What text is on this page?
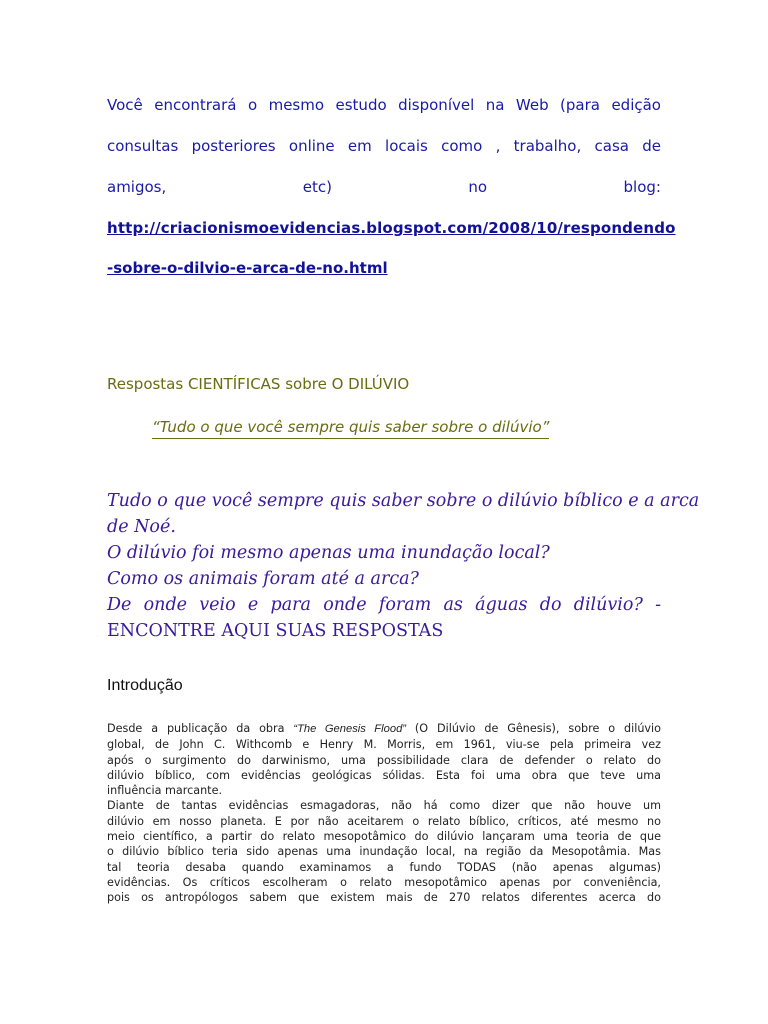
Você encontrará o mesmo estudo disponível na Web (para edição
consultas posteriores online em locais como , trabalho, casa de
amigos,	etc)	no	blog:
http://criacionismoevidencias.blogspot.com/2008/10/respondendo
-sobre-o-dilvio-e-arca-de-no.html
Respostas CIENTÍFICAS sobre O DILÚVIO
“Tudo o que você sempre quis saber sobre o dilúvio”
Tudo o que você sempre quis saber sobre o dilúvio bíblico e a arca
de Noé.
O dilúvio foi mesmo apenas uma inundação local?
Como os animais foram até a arca?
De onde veio e para onde foram as águas do dilúvio? -
ENCONTRE AQUI SUAS RESPOSTAS
Introdução
Desde a publicação da obra “The Genesis Flood” (O Dilúvio de Gênesis), sobre o dilúvio
global, de John C. Withcomb e Henry M. Morris, em 1961, viu-se pela primeira vez
após o surgimento do darwinismo, uma possibilidade clara de defender o relato do
dilúvio bíblico, com evidências geológicas sólidas. Esta foi uma obra que teve uma
influência marcante.
Diante de tantas evidências esmagadoras, não há como dizer que não houve um
dilúvio em nosso planeta. E por não aceitarem o relato bíblico, críticos, até mesmo no
meio científico, a partir do relato mesopotâmico do dilúvio lançaram uma teoria de que
o dilúvio bíblico teria sido apenas uma inundação local, na região da Mesopotâmia. Mas
tal teoria desaba quando examinamos a fundo TODAS (não apenas algumas)
evidências. Os críticos escolheram o relato mesopotâmico apenas por conveniência,
pois os antropólogos sabem que existem mais de 270 relatos diferentes acerca do
